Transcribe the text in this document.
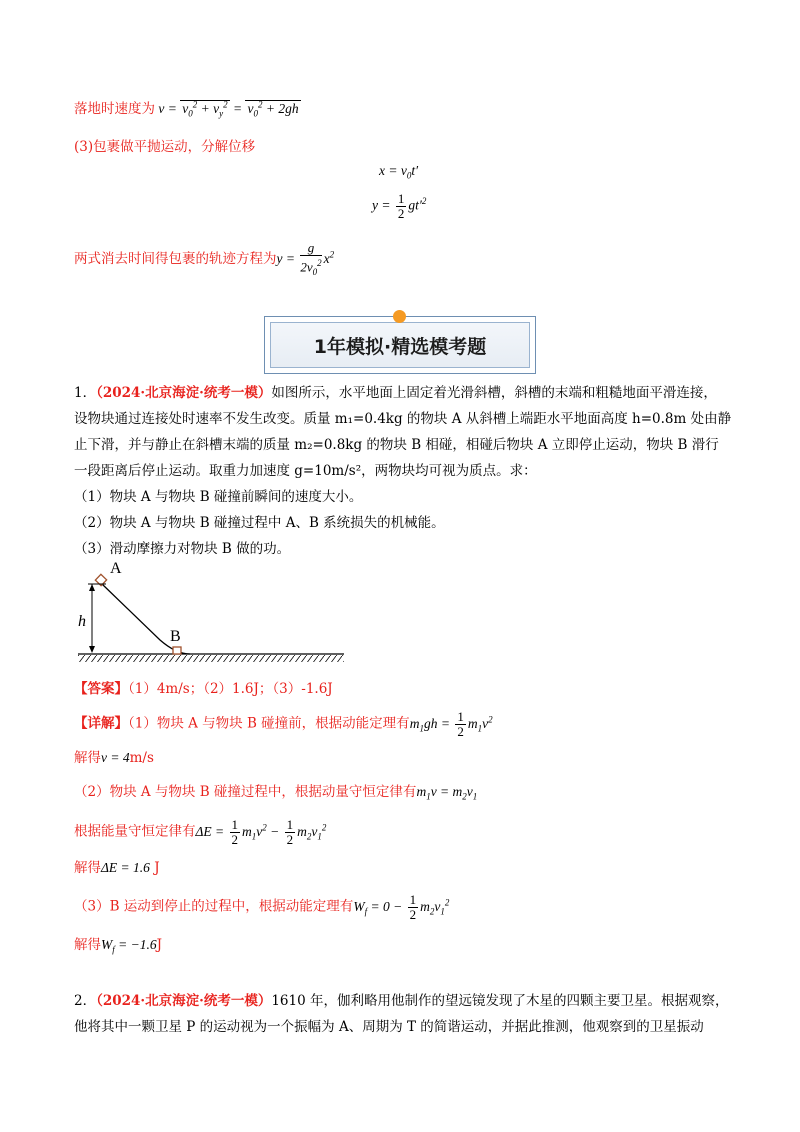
落地时速度为 $v = v_0^2 + v_y^2 = v_0^2 + 2gh$
(3)包裹做平抛运动，分解位移
$x = v_0t'$
$y = \frac{1}{2} gt'^2$
两式消去时间得包裹的轨迹方程为$y = \frac{g}{2v_0^2} x^2$
1年模拟·精选模考题
1．（2024·北京海淀·统考一模）如图所示，水平地面上固定着光滑斜槽，斜槽的末端和粗糙地面平滑连接，
设物块通过连接处时速率不发生改变。质量 m₁=0.4kg 的物块 A 从斜槽上端距水平地面高度 h=0.8m 处由静
止下滑，并与静止在斜槽末端的质量 m₂=0.8kg 的物块 B 相碰，相碰后物块 A 立即停止运动，物块 B 滑行
一段距离后停止运动。取重力加速度 g=10m/s²，两物块均可视为质点。求：
（1）物块 A 与物块 B 碰撞前瞬间的速度大小。
（2）物块 A 与物块 B 碰撞过程中 A、B 系统损失的机械能。
（3）滑动摩擦力对物块 B 做的功。
A
B
h
【答案】（1）4m/s；（2）1.6J；（3）-1.6J
【详解】（1）物块 A 与物块 B 碰撞前，根据动能定理有$m_1gh = \frac{1}{2} m_1v^2$
解得v = 4m/s
（2）物块 A 与物块 B 碰撞过程中，根据动量守恒定律有$m_1v = m_2v_1$
根据能量守恒定律有$\Delta E = \frac{1}{2} m_1v^2 - \frac{1}{2} m_2v_1^2$
解得ΔE = 1.6 J
（3）B 运动到停止的过程中，根据动能定理有$W_f = 0 - \frac{1}{2} m_2v_1^2$
解得$W_f = -1.6J$
2．（2024·北京海淀·统考一模）1610 年，伽利略用他制作的望远镜发现了木星的四颗主要卫星。根据观察，
他将其中一颗卫星 P 的运动视为一个振幅为 A、周期为 T 的简谐运动，并据此推测，他观察到的卫星振动
